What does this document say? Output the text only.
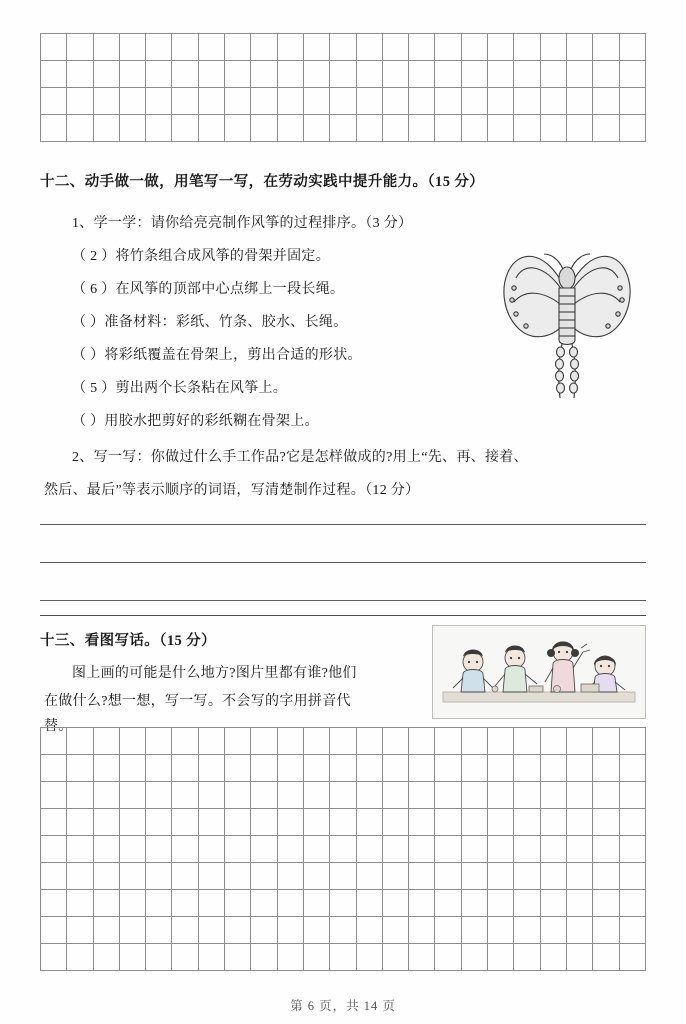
十二、动手做一做，用笔写一写，在劳动实践中提升能力。（15 分）
1、学一学：请你给亮亮制作风筝的过程排序。（3 分）
（ 2 ）将竹条组合成风筝的骨架并固定。
（ 6 ）在风筝的顶部中心点绑上一段长绳。
（ ）准备材料：彩纸、竹条、胶水、长绳。
（ ）将彩纸覆盖在骨架上，剪出合适的形状。
（ 5 ）剪出两个长条粘在风筝上。
（ ）用胶水把剪好的彩纸糊在骨架上。
2、写一写：你做过什么手工作品?它是怎样做成的?用上“先、再、接着、
然后、最后”等表示顺序的词语，写清楚制作过程。（12 分）
十三、看图写话。（15 分）
图上画的可能是什么地方?图片里都有谁?他们
在做什么?想一想，写一写。不会写的字用拼音代
替。

第 6 页，共 14 页
